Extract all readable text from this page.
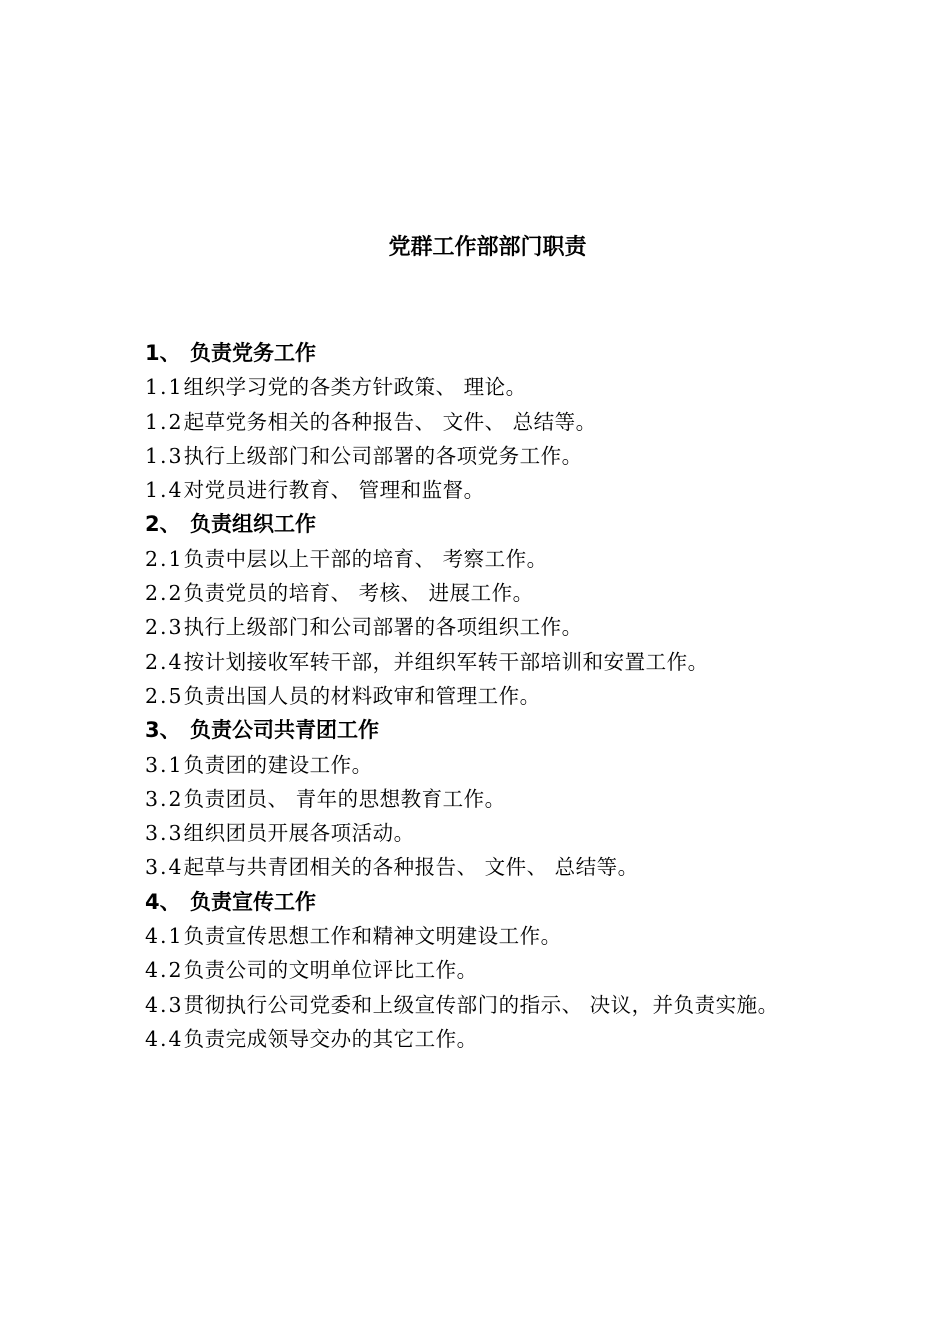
党群工作部部门职责
1、 负责党务工作
1.1组织学习党的各类方针政策、 理论。
1.2起草党务相关的各种报告、 文件、 总结等。
1.3执行上级部门和公司部署的各项党务工作。
1.4对党员进行教育、 管理和监督。
2、 负责组织工作
2.1负责中层以上干部的培育、 考察工作。
2.2负责党员的培育、 考核、 进展工作。
2.3执行上级部门和公司部署的各项组织工作。
2.4按计划接收军转干部，并组织军转干部培训和安置工作。
2.5负责出国人员的材料政审和管理工作。
3、 负责公司共青团工作
3.1负责团的建设工作。
3.2负责团员、 青年的思想教育工作。
3.3组织团员开展各项活动。
3.4起草与共青团相关的各种报告、 文件、 总结等。
4、 负责宣传工作
4.1负责宣传思想工作和精神文明建设工作。
4.2负责公司的文明单位评比工作。
4.3贯彻执行公司党委和上级宣传部门的指示、 决议，并负责实施。
4.4负责完成领导交办的其它工作。
